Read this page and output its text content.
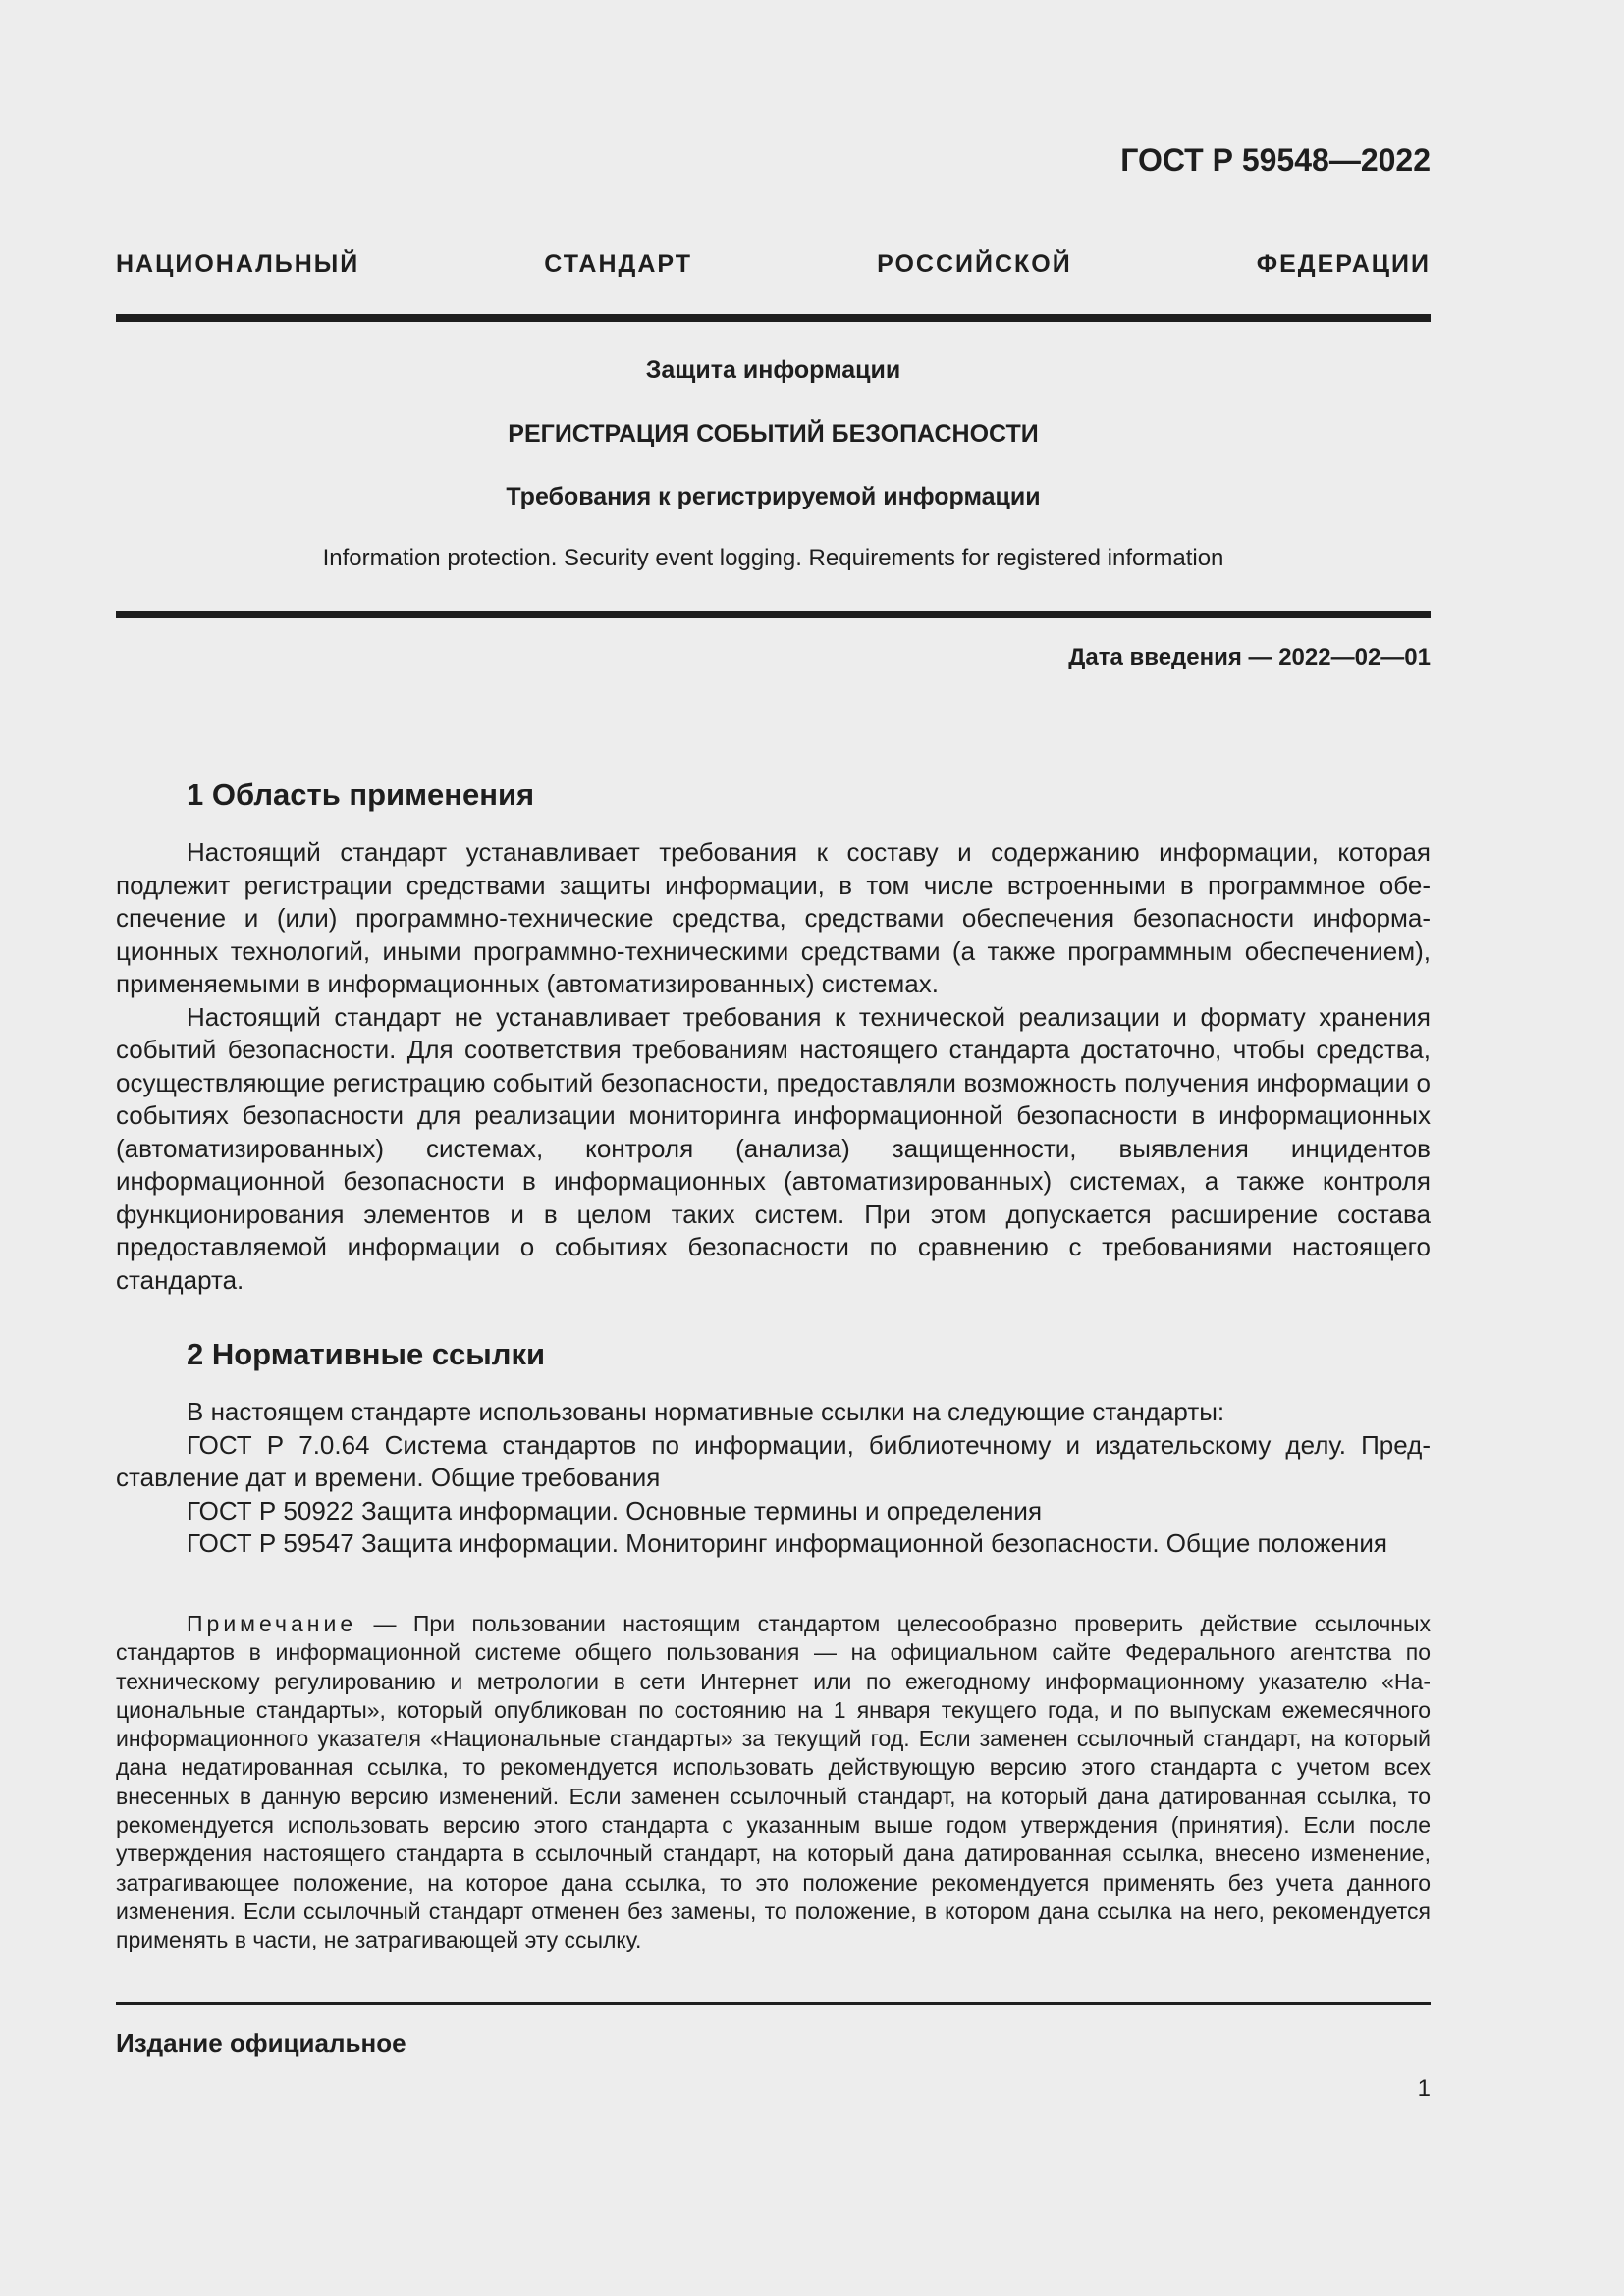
ГОСТ Р 59548—2022
НАЦИОНАЛЬНЫЙ СТАНДАРТ РОССИЙСКОЙ ФЕДЕРАЦИИ
Защита информации
РЕГИСТРАЦИЯ СОБЫТИЙ БЕЗОПАСНОСТИ
Требования к регистрируемой информации
Information protection. Security event logging. Requirements for registered information
Дата введения — 2022—02—01
1 Область применения

Настоящий стандарт устанавливает требования к составу и содержанию информации, которая подлежит регистрации средствами защиты информации, в том числе встроенными в программное обеспечение и (или) программно-технические средства, средствами обеспечения безопасности информационных технологий, иными программно-техническими средствами (а также программным обеспечением), применяемыми в информационных (автоматизированных) системах.

Настоящий стандарт не устанавливает требования к технической реализации и формату хранения событий безопасности. Для соответствия требованиям настоящего стандарта достаточно, чтобы средства, осуществляющие регистрацию событий безопасности, предоставляли возможность получения информации о событиях безопасности для реализации мониторинга информационной безопасности в информационных (автоматизированных) системах, контроля (анализа) защищенности, выявления инцидентов информационной безопасности в информационных (автоматизированных) системах, а также контроля функционирования элементов и в целом таких систем. При этом допускается расширение состава предоставляемой информации о событиях безопасности по сравнению с требованиями настоящего стандарта.

2 Нормативные ссылки

В настоящем стандарте использованы нормативные ссылки на следующие стандарты:

ГОСТ Р 7.0.64 Система стандартов по информации, библиотечному и издательскому делу. Представление дат и времени. Общие требования

ГОСТ Р 50922 Защита информации. Основные термины и определения

ГОСТ Р 59547 Защита информации. Мониторинг информационной безопасности. Общие положения

Примечание — При пользовании настоящим стандартом целесообразно проверить действие ссылочных стандартов в информационной системе общего пользования — на официальном сайте Федерального агентства по техническому регулированию и метрологии в сети Интернет или по ежегодному информационному указателю «Национальные стандарты», который опубликован по состоянию на 1 января текущего года, и по выпускам ежемесячного информационного указателя «Национальные стандарты» за текущий год. Если заменен ссылочный стандарт, на который дана недатированная ссылка, то рекомендуется использовать действующую версию этого стандарта с учетом всех внесенных в данную версию изменений. Если заменен ссылочный стандарт, на который дана датированная ссылка, то рекомендуется использовать версию этого стандарта с указанным выше годом утверждения (принятия). Если после утверждения настоящего стандарта в ссылочный стандарт, на который дана датированная ссылка, внесено изменение, затрагивающее положение, на которое дана ссылка, то это положение рекомендуется применять без учета данного изменения. Если ссылочный стандарт отменен без замены, то положение, в котором дана ссылка на него, рекомендуется применять в части, не затрагивающей эту ссылку.

Издание официальное
1
